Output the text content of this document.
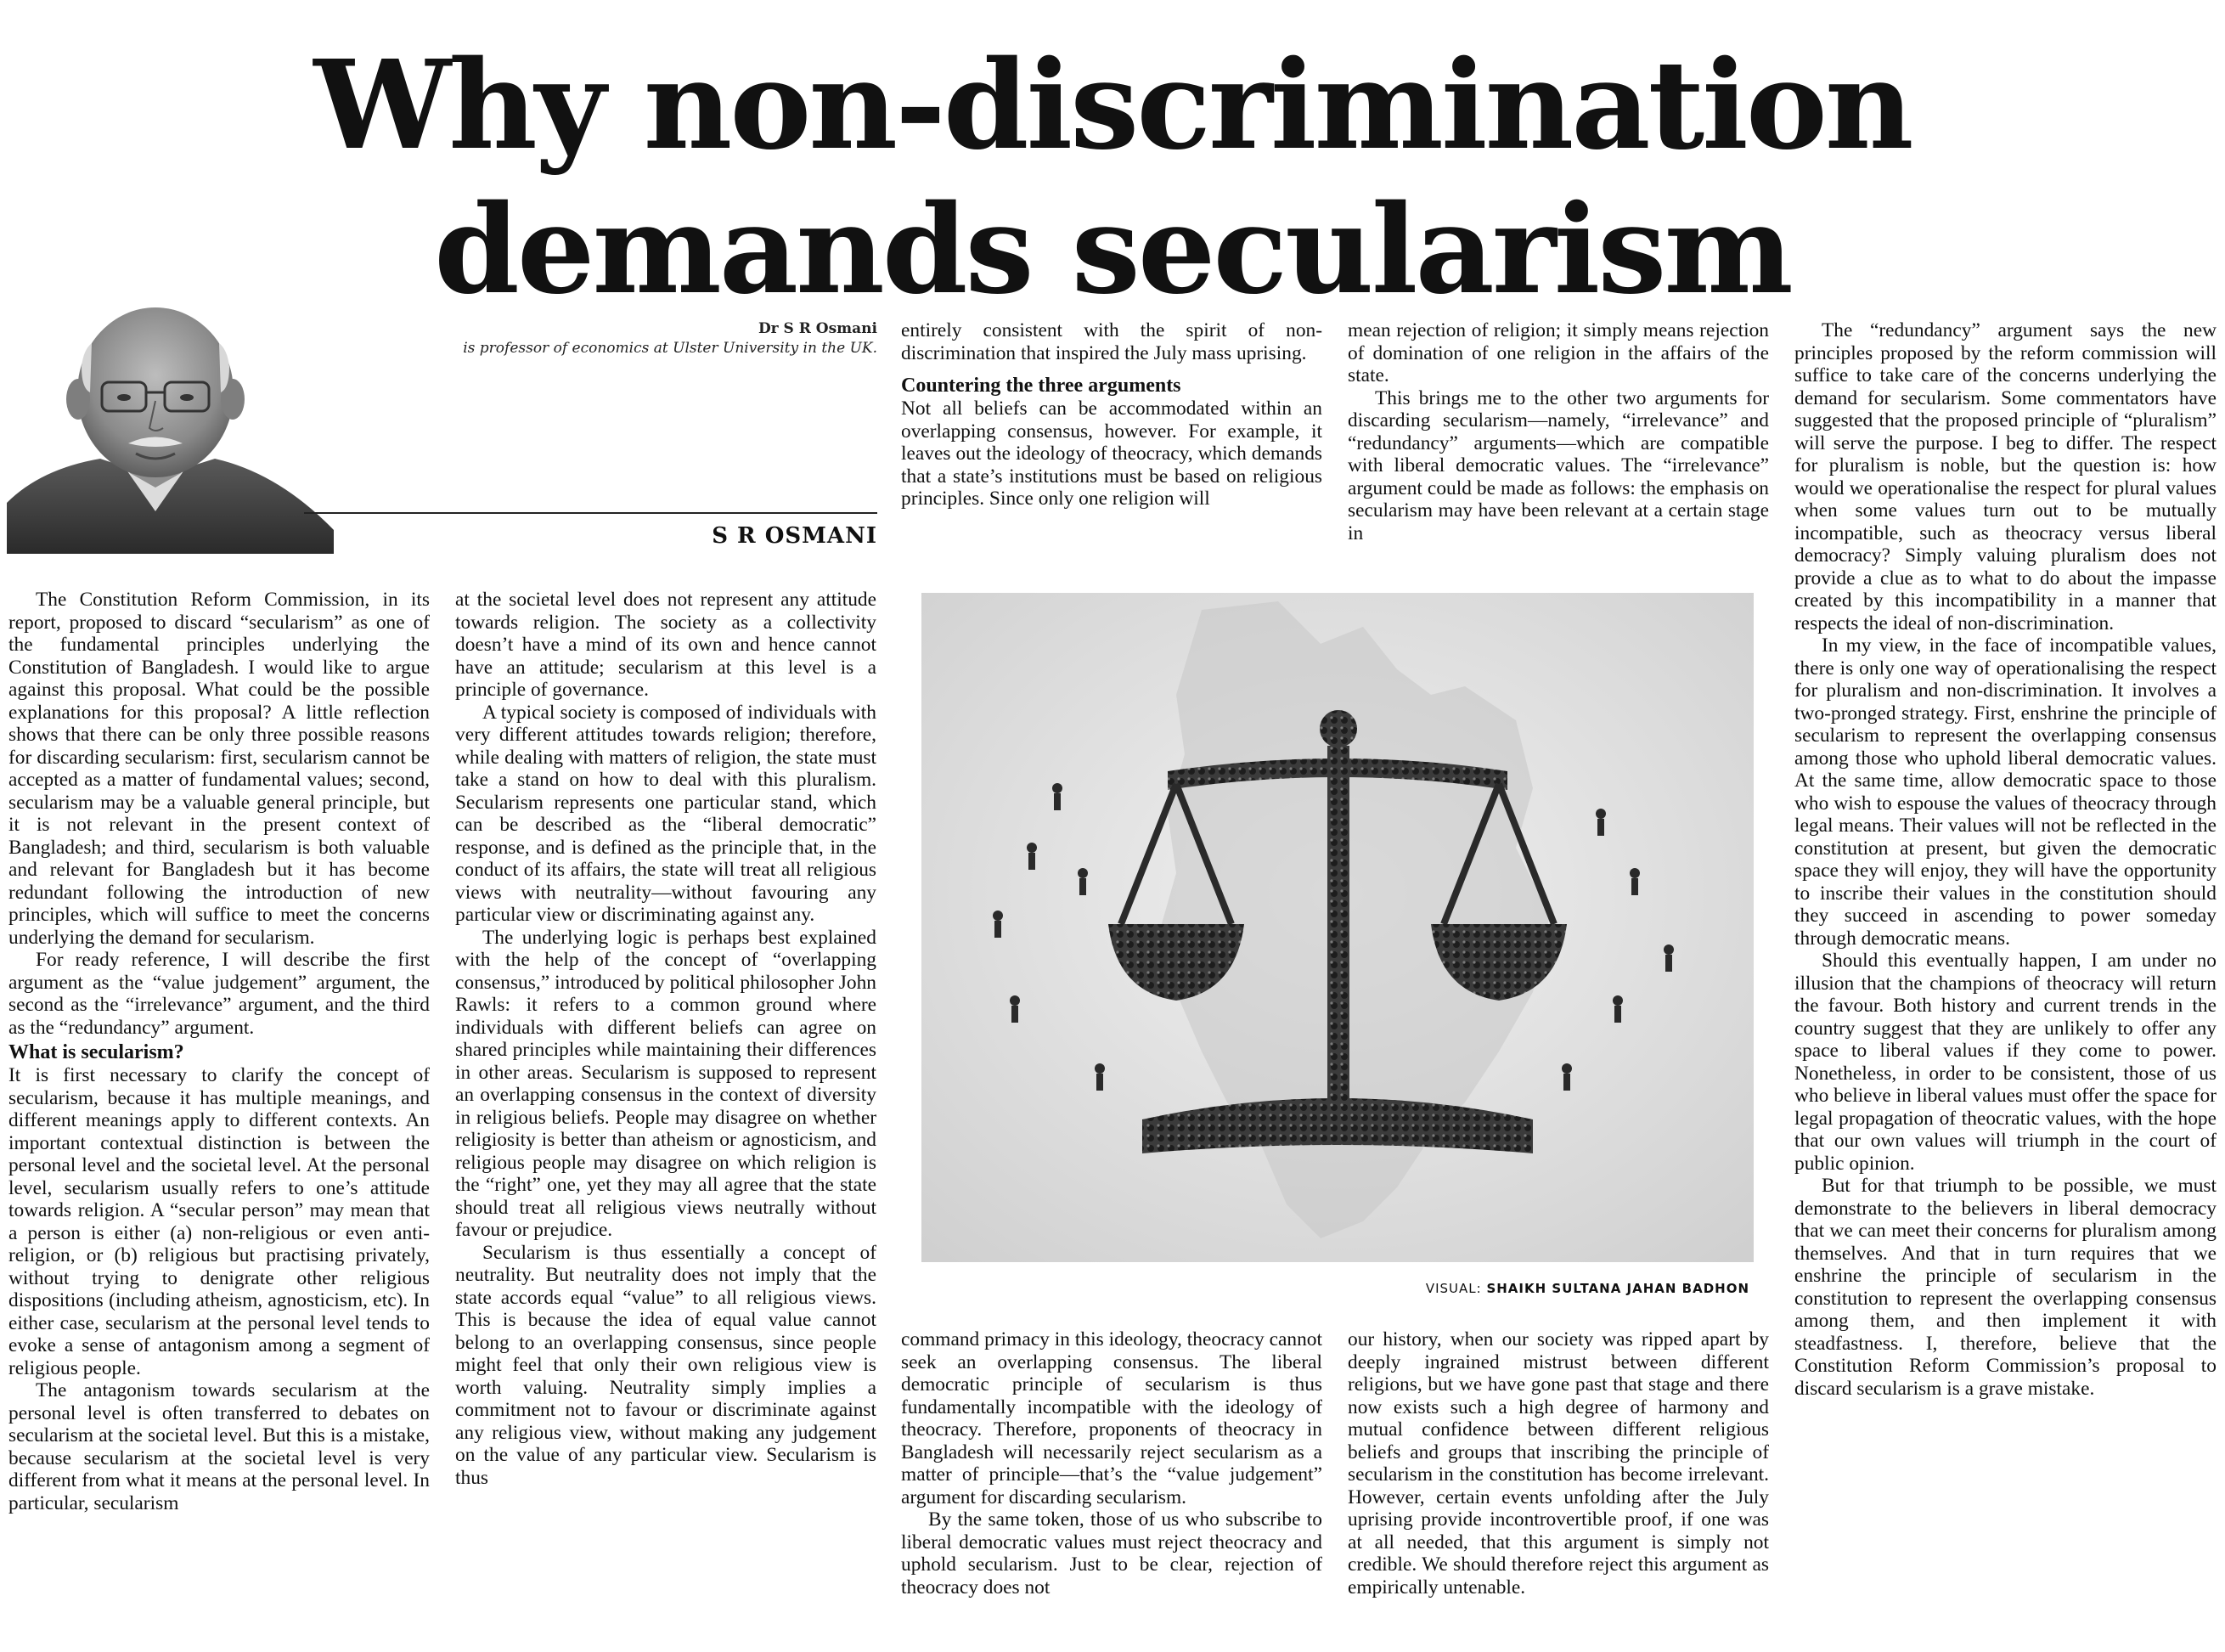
Why non-discrimination
demands secularism
Dr S R Osmani
is professor of economics at Ulster University in the UK.
S R OSMANI

The Constitution Reform Commission, in its report, proposed to discard “secularism” as one of the fundamental principles underlying the Constitution of Bangladesh. I would like to argue against this proposal. What could be the possible explanations for this proposal? A little reflection shows that there can be only three possible reasons for discarding secularism: first, secularism cannot be accepted as a matter of fundamental values; second, secularism may be a valuable general principle, but it is not relevant in the present context of Bangladesh; and third, secularism is both valuable and relevant for Bangladesh but it has become redundant following the introduction of new principles, which will suffice to meet the concerns underlying the demand for secularism.

For ready reference, I will describe the first argument as the “value judgement” argument, the second as the “irrelevance” argument, and the third as the “redundancy” argument.

What is secularism?

It is first necessary to clarify the concept of secularism, because it has multiple meanings, and different meanings apply to different contexts. An important contextual distinction is between the personal level and the societal level. At the personal level, secularism usually refers to one’s attitude towards religion. A “secular person” may mean that a person is either (a) non-religious or even anti-religion, or (b) religious but practising privately, without trying to denigrate other religious dispositions (including atheism, agnosticism, etc). In either case, secularism at the personal level tends to evoke a sense of antagonism among a segment of religious people.

The antagonism towards secularism at the personal level is often transferred to debates on secularism at the societal level. But this is a mistake, because secularism at the societal level is very different from what it means at the personal level. In particular, secularism

at the societal level does not represent any attitude towards religion. The society as a collectivity doesn’t have a mind of its own and hence cannot have an attitude; secularism at this level is a principle of governance.

A typical society is composed of individuals with very different attitudes towards religion; therefore, while dealing with matters of religion, the state must take a stand on how to deal with this pluralism. Secularism represents one particular stand, which can be described as the “liberal democratic” response, and is defined as the principle that, in the conduct of its affairs, the state will treat all religious views with neutrality—without favouring any particular view or discriminating against any.

The underlying logic is perhaps best explained with the help of the concept of “overlapping consensus,” introduced by political philosopher John Rawls: it refers to a common ground where individuals with different beliefs can agree on shared principles while maintaining their differences in other areas. Secularism is supposed to represent an overlapping consensus in the context of diversity in religious beliefs. People may disagree on whether religiosity is better than atheism or agnosticism, and religious people may disagree on which religion is the “right” one, yet they may all agree that the state should treat all religious views neutrally without favour or prejudice.

Secularism is thus essentially a concept of neutrality. But neutrality does not imply that the state accords equal “value” to all religious views. This is because the idea of equal value cannot belong to an overlapping consensus, since people might feel that only their own religious view is worth valuing. Neutrality simply implies a commitment not to favour or discriminate against any religious view, without making any judgement on the value of any particular view. Secularism is thus

entirely consistent with the spirit of non-discrimination that inspired the July mass uprising.

Countering the three arguments

Not all beliefs can be accommodated within an overlapping consensus, however. For example, it leaves out the ideology of theocracy, which demands that a state’s institutions must be based on religious principles. Since only one religion will

mean rejection of religion; it simply means rejection of domination of one religion in the affairs of the state.

This brings me to the other two arguments for discarding secularism—namely, “irrelevance” and “redundancy” arguments—which are compatible with liberal democratic values. The “irrelevance” argument could be made as follows: the emphasis on secularism may have been relevant at a certain stage in

VISUAL: SHAIKH SULTANA JAHAN BADHON

command primacy in this ideology, theocracy cannot seek an overlapping consensus. The liberal democratic principle of secularism is thus fundamentally incompatible with the ideology of theocracy. Therefore, proponents of theocracy in Bangladesh will necessarily reject secularism as a matter of principle—that’s the “value judgement” argument for discarding secularism.

By the same token, those of us who subscribe to liberal democratic values must reject theocracy and uphold secularism. Just to be clear, rejection of theocracy does not

our history, when our society was ripped apart by deeply ingrained mistrust between different religions, but we have gone past that stage and there now exists such a high degree of harmony and mutual confidence between different religious beliefs and groups that inscribing the principle of secularism in the constitution has become irrelevant. However, certain events unfolding after the July uprising provide incontrovertible proof, if one was at all needed, that this argument is simply not credible. We should therefore reject this argument as empirically untenable.

The “redundancy” argument says the new principles proposed by the reform commission will suffice to take care of the concerns underlying the demand for secularism. Some commentators have suggested that the proposed principle of “pluralism” will serve the purpose. I beg to differ. The respect for pluralism is noble, but the question is: how would we operationalise the respect for plural values when some values turn out to be mutually incompatible, such as theocracy versus liberal democracy? Simply valuing pluralism does not provide a clue as to what to do about the impasse created by this incompatibility in a manner that respects the ideal of non-discrimination.

In my view, in the face of incompatible values, there is only one way of operationalising the respect for pluralism and non-discrimination. It involves a two-pronged strategy. First, enshrine the principle of secularism to represent the overlapping consensus among those who uphold liberal democratic values. At the same time, allow democratic space to those who wish to espouse the values of theocracy through legal means. Their values will not be reflected in the constitution at present, but given the democratic space they will enjoy, they will have the opportunity to inscribe their values in the constitution should they succeed in ascending to power someday through democratic means.

Should this eventually happen, I am under no illusion that the champions of theocracy will return the favour. Both history and current trends in the country suggest that they are unlikely to offer any space to liberal values if they come to power. Nonetheless, in order to be consistent, those of us who believe in liberal values must offer the space for legal propagation of theocratic values, with the hope that our own values will triumph in the court of public opinion.

But for that triumph to be possible, we must demonstrate to the believers in liberal democracy that we can meet their concerns for pluralism among themselves. And that in turn requires that we enshrine the principle of secularism in the constitution to represent the overlapping consensus among them, and then implement it with steadfastness. I, therefore, believe that the Constitution Reform Commission’s proposal to discard secularism is a grave mistake.
